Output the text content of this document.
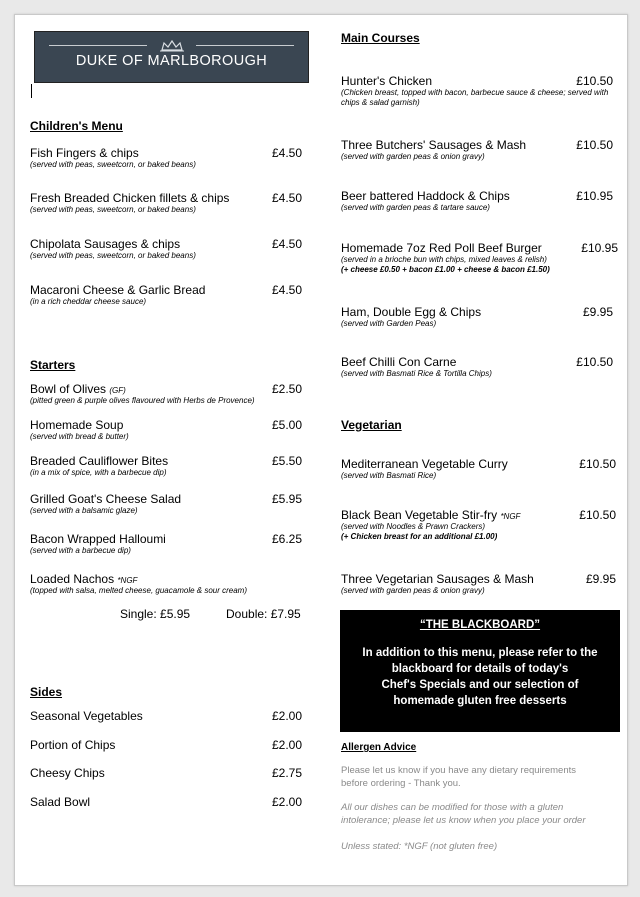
DUKE OF MARLBOROUGH
Children's Menu
Fish Fingers & chips	£4.50
(served with peas, sweetcorn, or baked beans)
Fresh Breaded Chicken fillets & chips	£4.50
(served with peas, sweetcorn, or baked beans)
Chipolata Sausages & chips	£4.50
(served with peas, sweetcorn, or baked beans)
Macaroni Cheese & Garlic Bread	£4.50
(in a rich cheddar cheese sauce)
Starters
Bowl of Olives (GF)	£2.50
(pitted green & purple olives flavoured with Herbs de Provence)
Homemade Soup	£5.00
(served with bread & butter)
Breaded Cauliflower Bites	£5.50
(in a mix of spice, with a barbecue dip)
Grilled Goat's Cheese Salad	£5.95
(served with a balsamic glaze)
Bacon Wrapped Halloumi	£6.25
(served with a barbecue dip)
Loaded Nachos *NGF
(topped with salsa, melted cheese, guacamole & sour cream)
Single: £5.95	Double: £7.95
Sides
Seasonal Vegetables	£2.00
Portion of Chips	£2.00
Cheesy Chips	£2.75
Salad Bowl	£2.00
Main Courses
Hunter's Chicken	£10.50
(Chicken breast, topped with bacon, barbecue sauce & cheese; served with chips & salad garnish)
Three Butchers' Sausages & Mash	£10.50
(served with garden peas & onion gravy)
Beer battered Haddock & Chips	£10.95
(served with garden peas & tartare sauce)
Homemade 7oz Red Poll Beef Burger	£10.95
(served in a brioche bun with chips, mixed leaves & relish)
(+ cheese £0.50 + bacon £1.00 + cheese & bacon £1.50)
Ham, Double Egg & Chips	£9.95
(served with Garden Peas)
Beef Chilli Con Carne	£10.50
(served with Basmati Rice & Tortilla Chips)
Vegetarian
Mediterranean Vegetable Curry	£10.50
(served with Basmati Rice)
Black Bean Vegetable Stir-fry *NGF	£10.50
(served with Noodles & Prawn Crackers)
(+ Chicken breast for an additional £1.00)
Three Vegetarian Sausages & Mash	£9.95
(served with garden peas & onion gravy)
Allergen Advice
Please let us know if you have any dietary requirements
before ordering - Thank you.
All our dishes can be modified for those with a gluten
intolerance; please let us know when you place your order
Unless stated: *NGF (not gluten free)
“THE BLACKBOARD”
In addition to this menu, please refer to the
blackboard for details of today's
Chef's Specials and our selection of
homemade gluten free desserts
